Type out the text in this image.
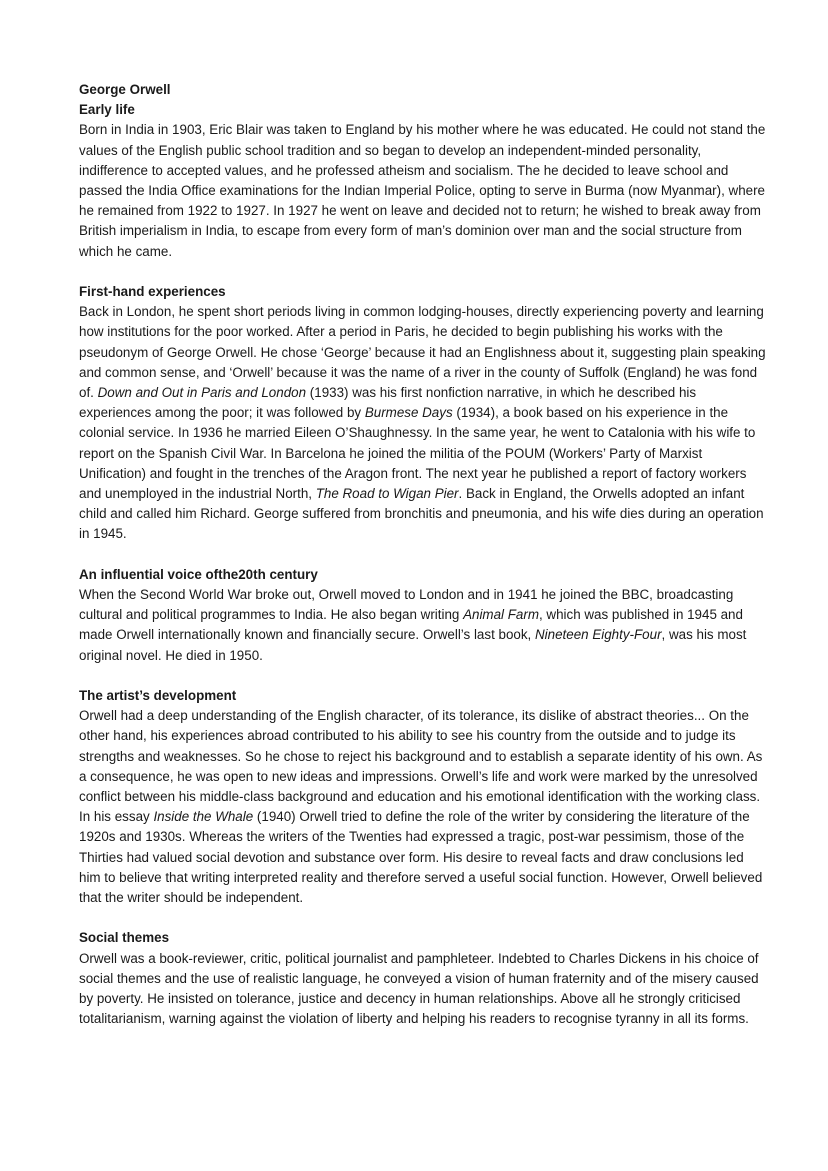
George Orwell
Early life

Born in India in 1903, Eric Blair was taken to England by his mother where he was educated. He could not stand the values of the English public school tradition and so began to develop an independent-minded personality, indifference to accepted values, and he professed atheism and socialism. The he decided to leave school and passed the India Office examinations for the Indian Imperial Police, opting to serve in Burma (now Myanmar), where he remained from 1922 to 1927. In 1927 he went on leave and decided not to return; he wished to break away from British imperialism in India, to escape from every form of man’s dominion over man and the social structure from which he came.

First-hand experiences

Back in London, he spent short periods living in common lodging-houses, directly experiencing poverty and learning how institutions for the poor worked. After a period in Paris, he decided to begin publishing his works with the pseudonym of George Orwell. He chose ‘George’ because it had an Englishness about it, suggesting plain speaking and common sense, and ‘Orwell’ because it was the name of a river in the county of Suffolk (England) he was fond of. Down and Out in Paris and London (1933) was his first nonfiction narrative, in which he described his experiences among the poor; it was followed by Burmese Days (1934), a book based on his experience in the colonial service. In 1936 he married Eileen O’Shaughnessy. In the same year, he went to Catalonia with his wife to report on the Spanish Civil War. In Barcelona he joined the militia of the POUM (Workers’ Party of Marxist Unification) and fought in the trenches of the Aragon front. The next year he published a report of factory workers and unemployed in the industrial North, The Road to Wigan Pier. Back in England, the Orwells adopted an infant child and called him Richard. George suffered from bronchitis and pneumonia, and his wife dies during an operation in 1945.

An influential voice ofthe20th century

When the Second World War broke out, Orwell moved to London and in 1941 he joined the BBC, broadcasting cultural and political programmes to India. He also began writing Animal Farm, which was published in 1945 and made Orwell internationally known and financially secure. Orwell’s last book, Nineteen Eighty-Four, was his most original novel. He died in 1950.

The artist’s development

Orwell had a deep understanding of the English character, of its tolerance, its dislike of abstract theories... On the other hand, his experiences abroad contributed to his ability to see his country from the outside and to judge its strengths and weaknesses. So he chose to reject his background and to establish a separate identity of his own. As a consequence, he was open to new ideas and impressions. Orwell’s life and work were marked by the unresolved conflict between his middle-class background and education and his emotional identification with the working class. In his essay Inside the Whale (1940) Orwell tried to define the role of the writer by considering the literature of the 1920s and 1930s. Whereas the writers of the Twenties had expressed a tragic, post-war pessimism, those of the Thirties had valued social devotion and substance over form. His desire to reveal facts and draw conclusions led him to believe that writing interpreted reality and therefore served a useful social function. However, Orwell believed that the writer should be independent.

Social themes

Orwell was a book-reviewer, critic, political journalist and pamphleteer. Indebted to Charles Dickens in his choice of social themes and the use of realistic language, he conveyed a vision of human fraternity and of the misery caused by poverty. He insisted on tolerance, justice and decency in human relationships. Above all he strongly criticised totalitarianism, warning against the violation of liberty and helping his readers to recognise tyranny in all its forms.
